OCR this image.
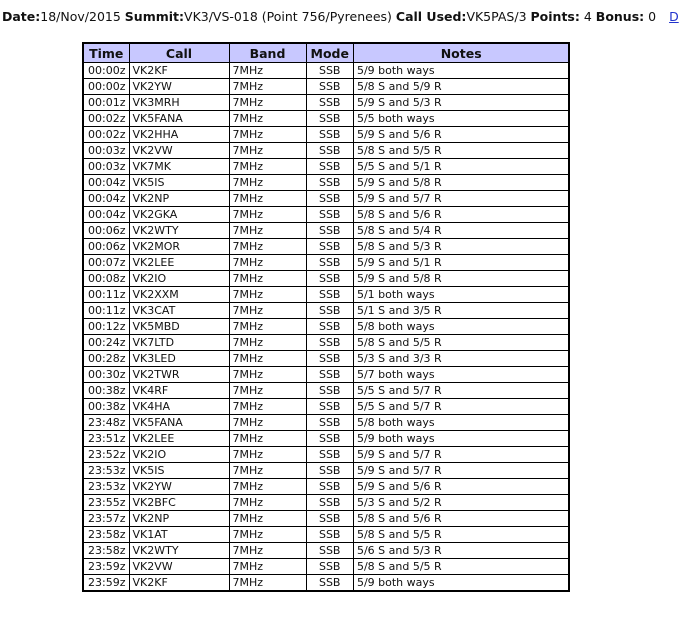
Date:18/Nov/2015 Summit:VK3/VS-018 (Point 756/Pyrenees) Call Used:VK5PAS/3 Points: 4 Bonus: 0 D
Time	Call	Band	Mode	Notes
00:00z	VK2KF	7MHz	SSB	5/9 both ways
00:00z	VK2YW	7MHz	SSB	5/8 S and 5/9 R
00:01z	VK3MRH	7MHz	SSB	5/9 S and 5/3 R
00:02z	VK5FANA	7MHz	SSB	5/5 both ways
00:02z	VK2HHA	7MHz	SSB	5/9 S and 5/6 R
00:03z	VK2VW	7MHz	SSB	5/8 S and 5/5 R
00:03z	VK7MK	7MHz	SSB	5/5 S and 5/1 R
00:04z	VK5IS	7MHz	SSB	5/9 S and 5/8 R
00:04z	VK2NP	7MHz	SSB	5/9 S and 5/7 R
00:04z	VK2GKA	7MHz	SSB	5/8 S and 5/6 R
00:06z	VK2WTY	7MHz	SSB	5/8 S and 5/4 R
00:06z	VK2MOR	7MHz	SSB	5/8 S and 5/3 R
00:07z	VK2LEE	7MHz	SSB	5/9 S and 5/1 R
00:08z	VK2IO	7MHz	SSB	5/9 S and 5/8 R
00:11z	VK2XXM	7MHz	SSB	5/1 both ways
00:11z	VK3CAT	7MHz	SSB	5/1 S and 3/5 R
00:12z	VK5MBD	7MHz	SSB	5/8 both ways
00:24z	VK7LTD	7MHz	SSB	5/8 S and 5/5 R
00:28z	VK3LED	7MHz	SSB	5/3 S and 3/3 R
00:30z	VK2TWR	7MHz	SSB	5/7 both ways
00:38z	VK4RF	7MHz	SSB	5/5 S and 5/7 R
00:38z	VK4HA	7MHz	SSB	5/5 S and 5/7 R
23:48z	VK5FANA	7MHz	SSB	5/8 both ways
23:51z	VK2LEE	7MHz	SSB	5/9 both ways
23:52z	VK2IO	7MHz	SSB	5/9 S and 5/7 R
23:53z	VK5IS	7MHz	SSB	5/9 S and 5/7 R
23:53z	VK2YW	7MHz	SSB	5/9 S and 5/6 R
23:55z	VK2BFC	7MHz	SSB	5/3 S and 5/2 R
23:57z	VK2NP	7MHz	SSB	5/8 S and 5/6 R
23:58z	VK1AT	7MHz	SSB	5/8 S and 5/5 R
23:58z	VK2WTY	7MHz	SSB	5/6 S and 5/3 R
23:59z	VK2VW	7MHz	SSB	5/8 S and 5/5 R
23:59z	VK2KF	7MHz	SSB	5/9 both ways
